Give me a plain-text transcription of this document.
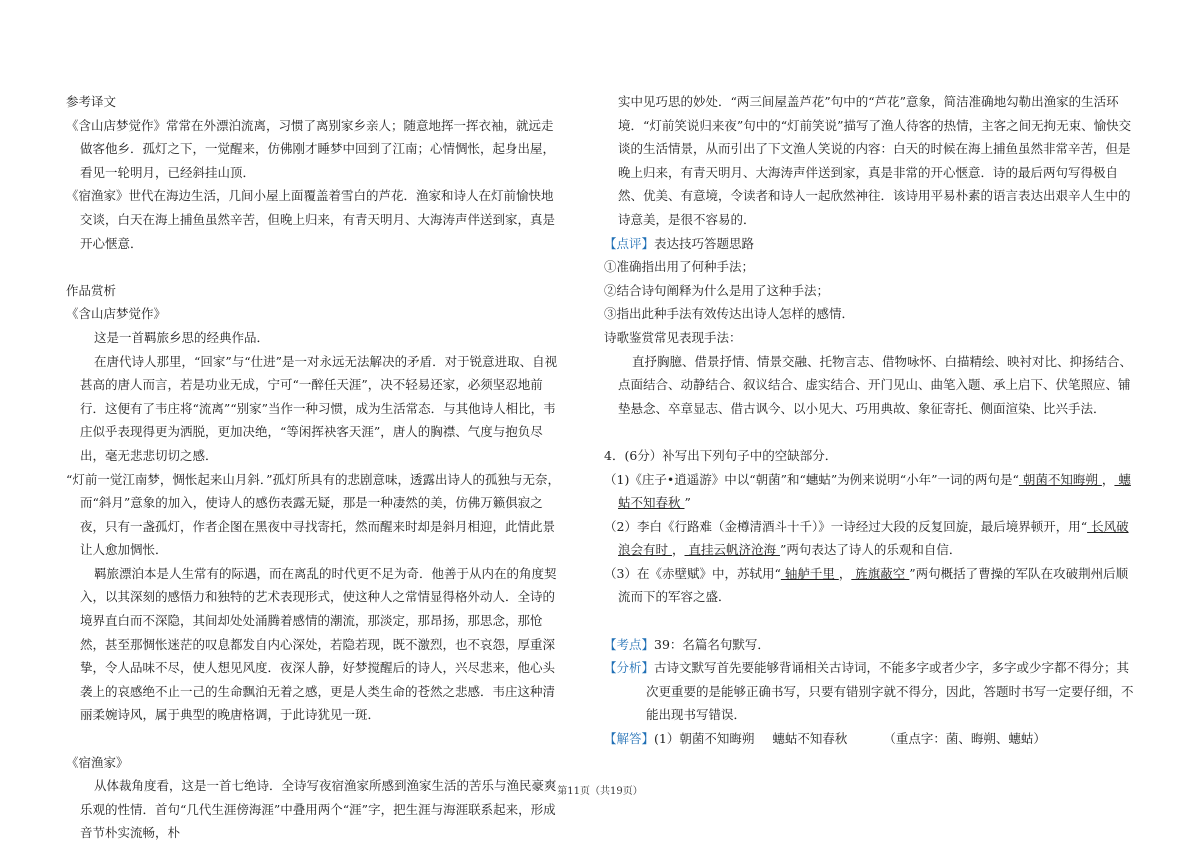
参考译文

《含山店梦觉作》常常在外漂泊流离，习惯了离别家乡亲人；随意地挥一挥衣袖，就远走做客他乡．孤灯之下，一觉醒来，仿佛刚才睡梦中回到了江南；心情惆怅，起身出屋，看见一轮明月，已经斜挂山顶．

《宿渔家》世代在海边生活，几间小屋上面覆盖着雪白的芦花．渔家和诗人在灯前愉快地交谈，白天在海上捕鱼虽然辛苦，但晚上归来，有青天明月、大海涛声伴送到家，真是开心惬意．

作品赏析

《含山店梦觉作》

这是一首羁旅乡思的经典作品．

在唐代诗人那里，“回家”与“仕进”是一对永远无法解决的矛盾．对于锐意进取、自视甚高的唐人而言，若是功业无成，宁可“一醉任天涯”，决不轻易还家，必须坚忍地前行．这便有了韦庄将“流离”“别家”当作一种习惯，成为生活常态．与其他诗人相比，韦庄似乎表现得更为洒脱，更加决绝，“等闲挥袂客天涯”，唐人的胸襟、气度与抱负尽出，毫无悲悲切切之感．

“灯前一觉江南梦，惆怅起来山月斜．”孤灯所具有的悲剧意味，透露出诗人的孤独与无奈，而“斜月”意象的加入，使诗人的感伤表露无疑，那是一种凄然的美，仿佛万籁俱寂之夜，只有一盏孤灯，作者企图在黑夜中寻找寄托，然而醒来时却是斜月相迎，此情此景让人愈加惆怅．

羁旅漂泊本是人生常有的际遇，而在离乱的时代更不足为奇．他善于从内在的角度契入，以其深刻的感悟力和独特的艺术表现形式，使这种人之常情显得格外动人．全诗的境界直白而不深隐，其间却处处涌腾着感情的潮流，那淡定，那昂扬，那思念，那怆然，甚至那惆怅迷茫的叹息都发自内心深处，若隐若现，既不激烈，也不哀怨，厚重深挚，令人品味不尽，使人想见风度．夜深人静，好梦搅醒后的诗人，兴尽悲来，他心头袭上的哀感绝不止一己的生命飘泊无着之感，更是人类生命的苍然之悲感．韦庄这种清丽柔婉诗风，属于典型的晚唐格调，于此诗犹见一斑．

《宿渔家》

从体裁角度看，这是一首七绝诗．全诗写夜宿渔家所感到渔家生活的苦乐与渔民豪爽乐观的性情．首句“几代生涯傍海涯”中叠用两个“涯”字，把生涯与海涯联系起来，形成音节朴实流畅，朴

实中见巧思的妙处．“两三间屋盖芦花”句中的“芦花”意象，简洁准确地勾勒出渔家的生活环境．“灯前笑说归来夜”句中的“灯前笑说”描写了渔人待客的热情，主客之间无拘无束、愉快交谈的生活情景，从而引出了下文渔人笑说的内容：白天的时候在海上捕鱼虽然非常辛苦，但是晚上归来，有青天明月、大海涛声伴送到家，真是非常的开心惬意．诗的最后两句写得极自然、优美、有意境，令读者和诗人一起欣然神往．该诗用平易朴素的语言表达出艰辛人生中的诗意美，是很不容易的．

【点评】表达技巧答题思路

①准确指出用了何种手法；

②结合诗句阐释为什么是用了这种手法；

③指出此种手法有效传达出诗人怎样的感情．

诗歌鉴赏常见表现手法：

直抒胸臆、借景抒情、情景交融、托物言志、借物咏怀、白描精绘、映衬对比、抑扬结合、点面结合、动静结合、叙议结合、虚实结合、开门见山、曲笔入题、承上启下、伏笔照应、铺垫悬念、卒章显志、借古讽今、以小见大、巧用典故、象征寄托、侧面渲染、比兴手法．

4．(6分）补写出下列句子中的空缺部分．

（1)《庄子•逍遥游》中以“朝菌”和“蟪蛄”为例来说明“小年”一词的两句是“ 朝菌不知晦朔 ， 蟪蛄不知春秋 ”

（2）李白《行路难（金樽清酒斗十千）》一诗经过大段的反复回旋，最后境界顿开，用“ 长风破浪会有时 ， 直挂云帆济沧海 ”两句表达了诗人的乐观和自信．

（3）在《赤壁赋》中，苏轼用“ 轴舻千里 ， 旌旗蔽空 ”两句概括了曹操的军队在攻破荆州后顺流而下的军容之盛．

【考点】39：名篇名句默写．

【分析】古诗文默写首先要能够背诵相关古诗词，不能多字或者少字，多字或少字都不得分；其次更重要的是能够正确书写，只要有错别字就不得分，因此，答题时书写一定要仔细，不能出现书写错误．

【解答】(1）朝菌不知晦朔 蟪蛄不知春秋	（重点字：菌、晦朔、蟪蛄）

第11页（共19页）
